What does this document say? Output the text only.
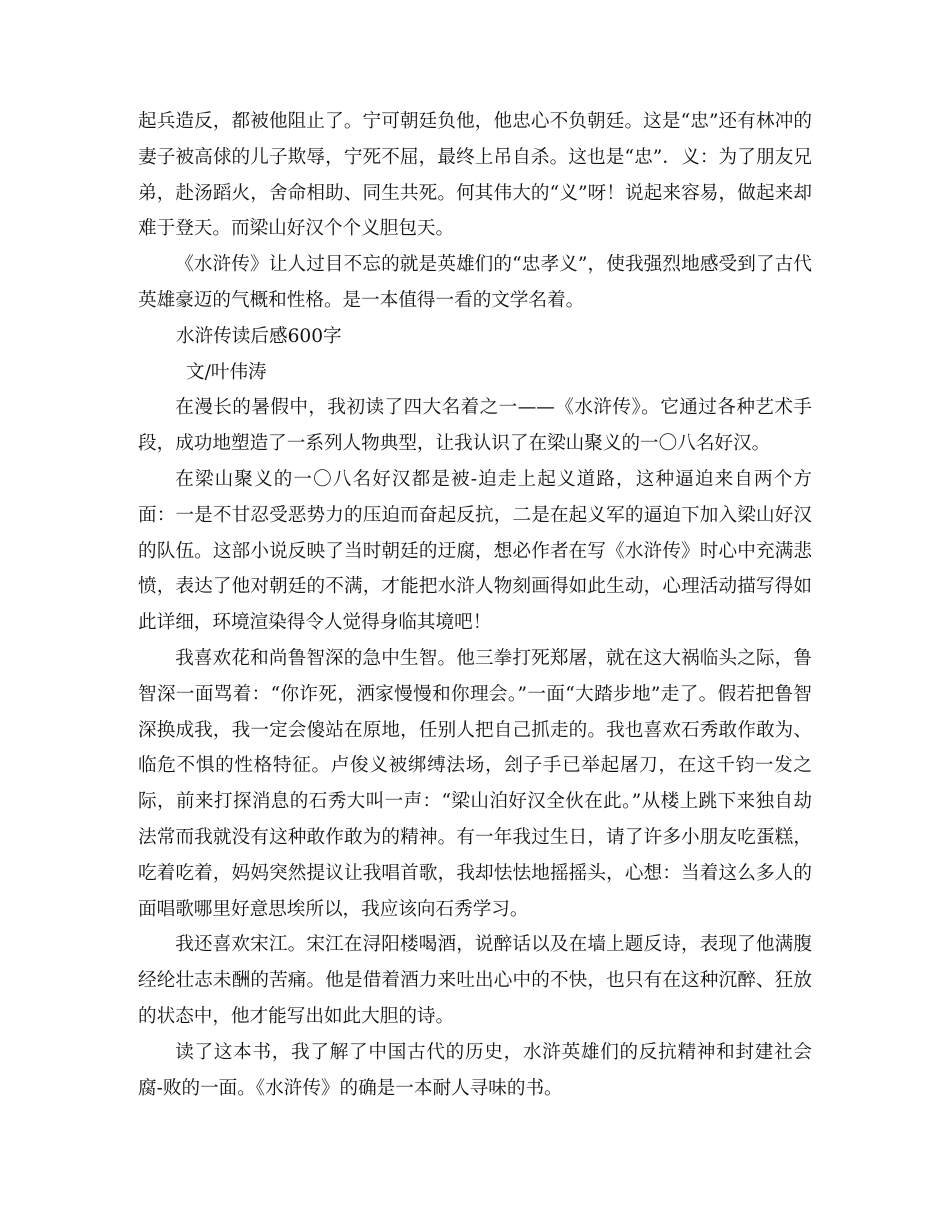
起兵造反，都被他阻止了。宁可朝廷负他，他忠心不负朝廷。这是“忠”还有林冲的妻子被高俅的儿子欺辱，宁死不屈，最终上吊自杀。这也是“忠”．义：为了朋友兄弟，赴汤蹈火，舍命相助、同生共死。何其伟大的“义”呀！说起来容易，做起来却难于登天。而梁山好汉个个义胆包天。

《水浒传》让人过目不忘的就是英雄们的“忠孝义”，使我强烈地感受到了古代英雄豪迈的气概和性格。是一本值得一看的文学名着。

水浒传读后感600字

文/叶伟涛

在漫长的暑假中，我初读了四大名着之一——《水浒传》。它通过各种艺术手段，成功地塑造了一系列人物典型，让我认识了在梁山聚义的一〇八名好汉。

在梁山聚义的一〇八名好汉都是被-迫走上起义道路，这种逼迫来自两个方面：一是不甘忍受恶势力的压迫而奋起反抗，二是在起义军的逼迫下加入梁山好汉的队伍。这部小说反映了当时朝廷的迂腐，想必作者在写《水浒传》时心中充满悲愤，表达了他对朝廷的不满，才能把水浒人物刻画得如此生动，心理活动描写得如此详细，环境渲染得令人觉得身临其境吧！

我喜欢花和尚鲁智深的急中生智。他三拳打死郑屠，就在这大祸临头之际，鲁智深一面骂着：“你诈死，洒家慢慢和你理会。”一面“大踏步地”走了。假若把鲁智深换成我，我一定会傻站在原地，任别人把自己抓走的。我也喜欢石秀敢作敢为、临危不惧的性格特征。卢俊义被绑缚法场，刽子手已举起屠刀，在这千钧一发之际，前来打探消息的石秀大叫一声：“梁山泊好汉全伙在此。”从楼上跳下来独自劫法常而我就没有这种敢作敢为的精神。有一年我过生日，请了许多小朋友吃蛋糕，吃着吃着，妈妈突然提议让我唱首歌，我却怯怯地摇摇头，心想：当着这么多人的面唱歌哪里好意思埃所以，我应该向石秀学习。

我还喜欢宋江。宋江在浔阳楼喝酒，说醉话以及在墙上题反诗，表现了他满腹经纶壮志未酬的苦痛。他是借着酒力来吐出心中的不快，也只有在这种沉醉、狂放的状态中，他才能写出如此大胆的诗。

读了这本书，我了解了中国古代的历史，水浒英雄们的反抗精神和封建社会腐-败的一面。《水浒传》的确是一本耐人寻味的书。
